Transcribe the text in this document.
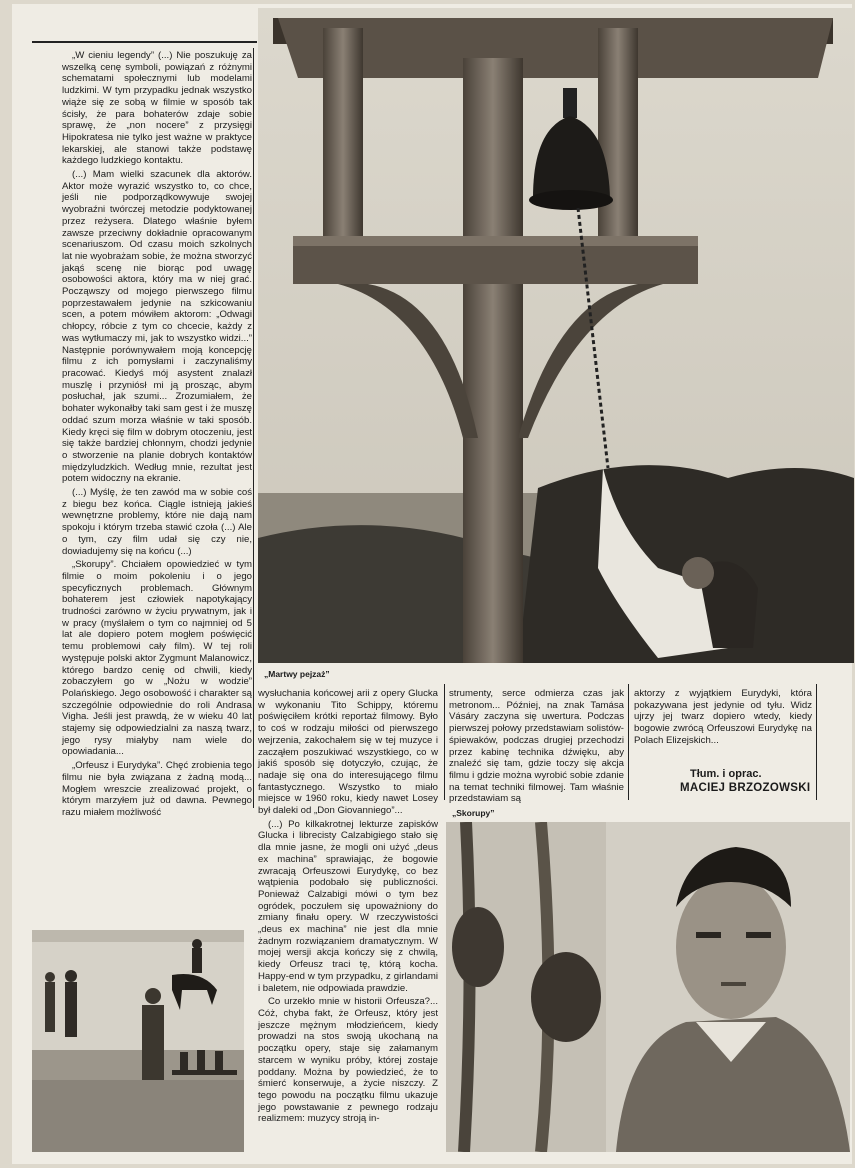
„W cieniu legendy” (...) Nie poszukuję za wszelką cenę symboli, powiązań z różnymi schematami społecznymi lub modelami ludzkimi. W tym przypadku jednak wszystko wiąże się ze sobą w filmie w sposób tak ścisły, że para bohaterów zdaje sobie sprawę, że „non nocere” z przysięgi Hipokratesa nie tylko jest ważne w praktyce lekarskiej, ale stanowi także podstawę każdego ludzkiego kontaktu.

(...) Mam wielki szacunek dla aktorów. Aktor może wyrazić wszystko to, co chce, jeśli nie podporządkowywuje swojej wyobraźni twórczej metodzie podyktowanej przez reżysera. Dlatego właśnie byłem zawsze przeciwny dokładnie opracowanym scenariuszom. Od czasu moich szkolnych lat nie wyobrażam sobie, że można stworzyć jakąś scenę nie biorąc pod uwagę osobowości aktora, który ma w niej grać. Począwszy od mojego pierwszego filmu poprzestawałem jedynie na szkicowaniu scen, a potem mówiłem aktorom: „Odwagi chłopcy, róbcie z tym co chcecie, każdy z was wytłumaczy mi, jak to wszystko widzi...” Następnie porównywałem moją koncepcję filmu z ich pomysłami i zaczynaliśmy pracować. Kiedyś mój asystent znalazł muszlę i przyniósł mi ją prosząc, abym posłuchał, jak szumi... Zrozumiałem, że bohater wykonałby taki sam gest i że muszę oddać szum morza właśnie w taki sposób. Kiedy kręci się film w dobrym otoczeniu, jest się także bardziej chłonnym, chodzi jedynie o stworzenie na planie dobrych kontaktów międzyludzkich. Według mnie, rezultat jest potem widoczny na ekranie.

(...) Myślę, że ten zawód ma w sobie coś z biegu bez końca. Ciągle istnieją jakieś wewnętrzne problemy, które nie dają nam spokoju i którym trzeba stawić czoła (...) Ale o tym, czy film udał się czy nie, dowiadujemy się na końcu (...)

„Skorupy”. Chciałem opowiedzieć w tym filmie o moim pokoleniu i o jego specyficznych problemach. Głównym bohaterem jest człowiek napotykający trudności zarówno w życiu prywatnym, jak i w pracy (myślałem o tym co najmniej od 5 lat ale dopiero potem mogłem poświęcić temu problemowi cały film). W tej roli występuje polski aktor Zygmunt Malanowicz, którego bardzo cenię od chwili, kiedy zobaczyłem go w „Nożu w wodzie” Polańskiego. Jego osobowość i charakter są szczególnie odpowiednie do roli Andrasa Vigha. Jeśli jest prawdą, że w wieku 40 lat stajemy się odpowiedzialni za naszą twarz, jego rysy miałyby nam wiele do opowiadania...

„Orfeusz i Eurydyka”. Chęć zrobienia tego filmu nie była związana z żadną modą... Mogłem wreszcie zrealizować projekt, o którym marzyłem już od dawna. Pewnego razu miałem możliwość

„Martwy pejzaż”

wysłuchania końcowej arii z opery Glucka w wykonaniu Tito Schippy, któremu poświęciłem krótki reportaż filmowy. Było to coś w rodzaju miłości od pierwszego wejrzenia, zakochałem się w tej muzyce i zacząłem poszukiwać wszystkiego, co w jakiś sposób się dotyczyło, czując, że nadaje się ona do interesującego filmu fantastycznego. Wszystko to miało miejsce w 1960 roku, kiedy nawet Losey był daleki od „Don Giovanniego”...

(...) Po kilkakrotnej lekturze zapisków Glucka i librecisty Calzabigiego stało się dla mnie jasne, że mogli oni użyć „deus ex machina” sprawiając, że bogowie zwracają Orfeuszowi Eurydykę, co bez wątpienia podobało się publiczności. Ponieważ Calzabigi mówi o tym bez ogródek, poczułem się upoważniony do zmiany finału opery. W rzeczywistości „deus ex machina” nie jest dla mnie żadnym rozwiązaniem dramatycznym. W mojej wersji akcja kończy się z chwilą, kiedy Orfeusz traci tę, którą kocha. Happy-end w tym przypadku, z girlandami i baletem, nie odpowiada prawdzie.

Co urzekło mnie w historii Orfeusza?... Cóż, chyba fakt, że Orfeusz, który jest jeszcze mężnym młodzieńcem, kiedy prowadzi na stos swoją ukochaną na początku opery, staje się załamanym starcem w wyniku próby, której zostaje poddany. Można by powiedzieć, że to śmierć konserwuje, a życie niszczy. Z tego powodu na początku filmu ukazuje jego powstawanie z pewnego rodzaju realizmem: muzycy stroją in-

strumenty, serce odmierza czas jak metronom... Później, na znak Tamása Vásáry zaczyna się uwertura. Podczas pierwszej połowy przedstawiam solistów-śpiewaków, podczas drugiej przechodzi przez kabinę technika dźwięku, aby znaleźć się tam, gdzie toczy się akcja filmu i gdzie można wyrobić sobie zdanie na temat techniki filmowej. Tam właśnie przedstawiam są

aktorzy z wyjątkiem Eurydyki, która pokazywana jest jedynie od tyłu. Widz ujrzy jej twarz dopiero wtedy, kiedy bogowie zwrócą Orfeuszowi Eurydykę na Polach Elizejskich...

Tłum. i oprac.
MACIEJ BRZOZOWSKI
„Skorupy”
